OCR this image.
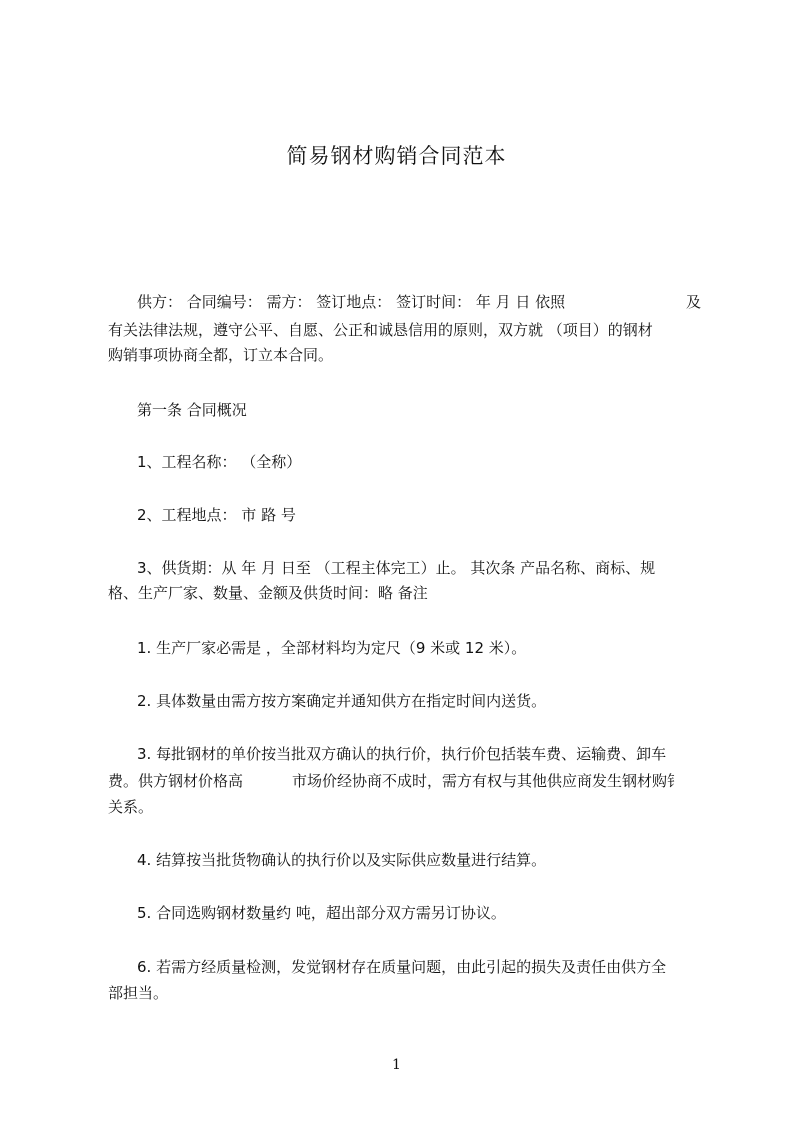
简易钢材购销合同范本
供方： 合同编号： 需方： 签订地点： 签订时间： 年 月 日 依照	及
有关法律法规，遵守公平、自愿、公正和诚恳信用的原则，双方就 （项目）的钢材
购销事项协商全都，订立本合同。
第一条 合同概况
1、工程名称： （全称）
2、工程地点： 市 路 号
3、供货期：从 年 月 日至 （工程主体完工）止。 其次条 产品名称、商标、规
格、生产厂家、数量、金额及供货时间：略 备注
1. 生产厂家必需是 ，全部材料均为定尺（9 米或 12 米）。
2. 具体数量由需方按方案确定并通知供方在指定时间内送货。
3. 每批钢材的单价按当批双方确认的执行价，执行价包括装车费、运输费、卸车
费。供方钢材价格高	市场价经协商不成时，需方有权与其他供应商发生钢材购钅
关系。
4. 结算按当批货物确认的执行价以及实际供应数量进行结算。
5. 合同选购钢材数量约 吨，超出部分双方需另订协议。
6. 若需方经质量检测，发觉钢材存在质量问题，由此引起的损失及责任由供方全
部担当。
1
